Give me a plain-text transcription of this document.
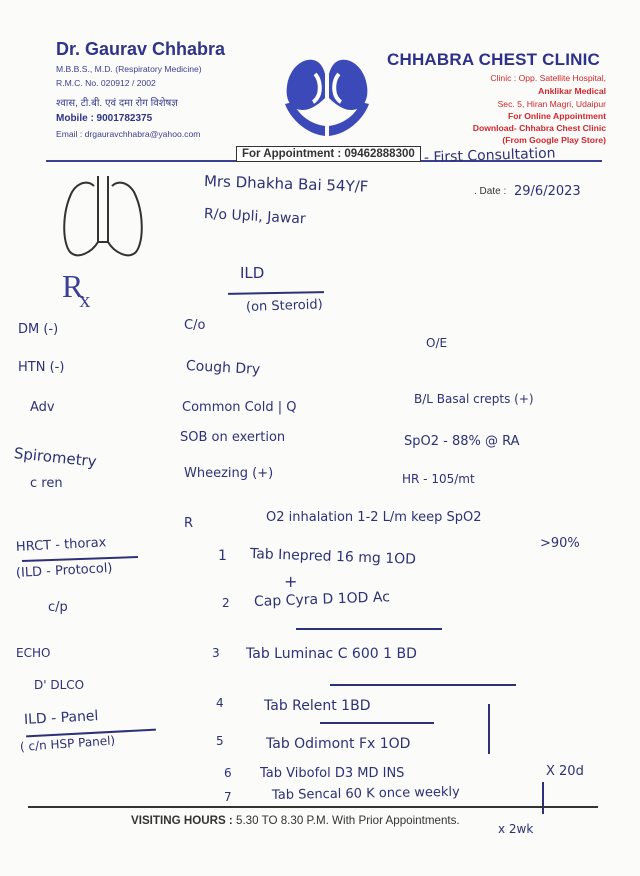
Dr. Gaurav Chhabra
M.B.B.S., M.D. (Respiratory Medicine)
R.M.C. No. 020912 / 2002
श्वास, टी.बी. एवं दमा रोग विशेषज्ञ
Mobile : 9001782375
Email : drgauravchhabra@yahoo.com
CHHABRA CHEST CLINIC
Clinic : Opp. Satellite Hospital,
Anklikar Medical
Sec. 5, Hiran Magri, Udaipur
For Online Appointment
Download- Chhabra Chest Clinic
(From Google Play Store)
For Appointment : 09462888300 - First Consultation
$R_x$
Mrs Dhakha Bai 54Y/F	. Date : 29/6/2023
R/o Upli, Jawar
ILD
(on Steroid)
C/o
O/E
DM (-)
HTN (-)
Adv
Spirometry
c ren
HRCT - thorax
(ILD - Protocol)
c/p
ECHO
D' DLCO
ILD - Panel
( c/n HSP Panel)
Cough Dry
Common Cold | Q
SOB on exertion
Wheezing (+)
B/L Basal crepts (+)
SpO2 - 88% @ RA
HR - 105/mt
R	O2 inhalation 1-2 L/m keep SpO2
>90%
1 Tab Inepred 16 mg 1OD
+
2 Cap Cyra D 1OD Ac
3 Tab Luminac C 600 1 BD
4	Tab Relent 1BD
5	Tab Odimont Fx 1OD
6 Tab Vibofol D3 MD INS	X 20d
7	Tab Sencal 60 K once weekly
VISITING HOURS : 5.30 TO 8.30 P.M. With Prior Appointments.
x 2wk
